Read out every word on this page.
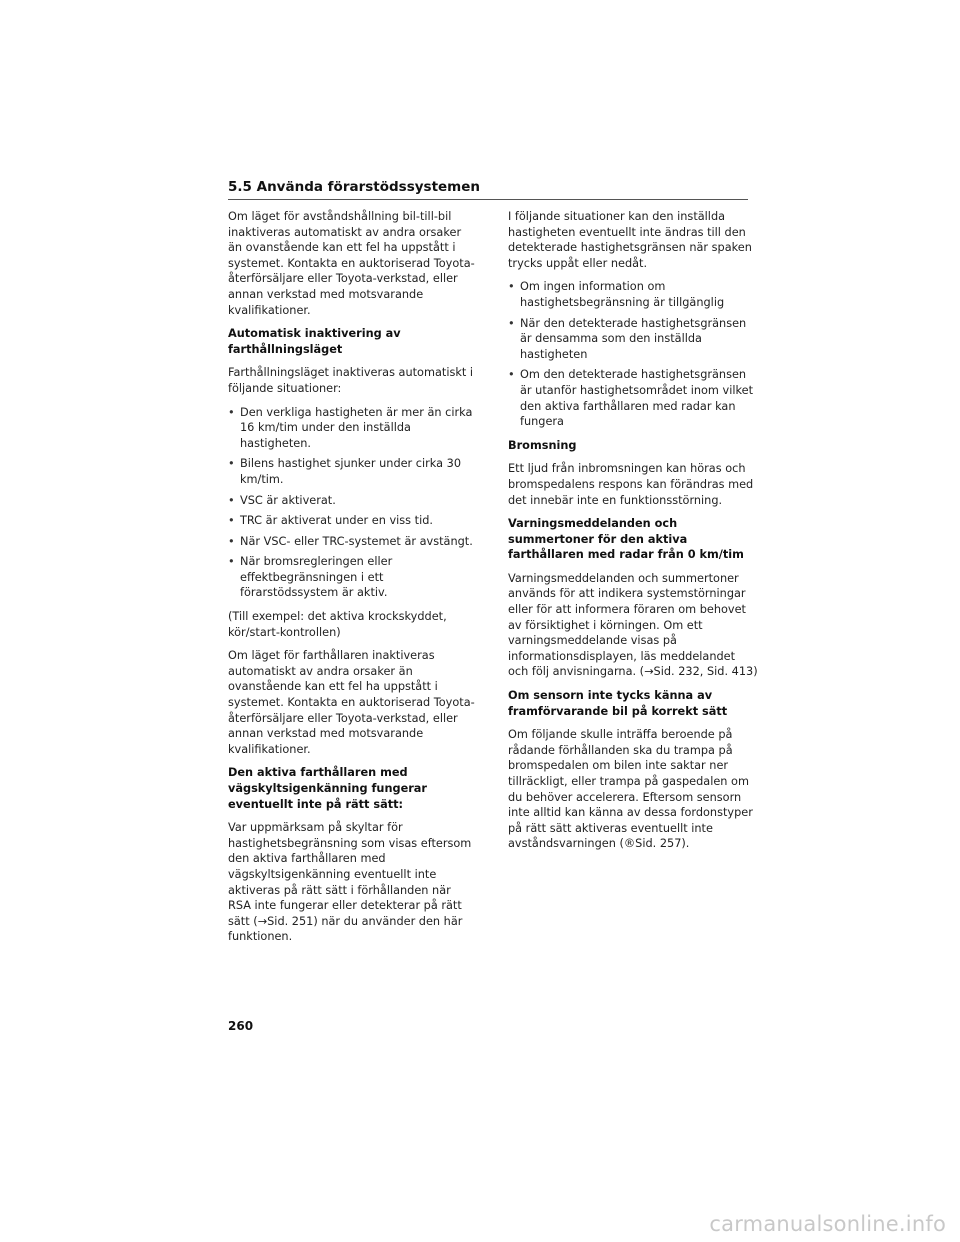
5.5 Använda förarstödssystemen

Om läget för avståndshållning bil-till-bil inaktiveras automatiskt av andra orsaker än ovanstående kan ett fel ha uppstått i systemet. Kontakta en auktoriserad Toyota-återförsäljare eller Toyota-verkstad, eller annan verkstad med motsvarande kvalifikationer.

Automatisk inaktivering av farthållningsläget

Farthållningsläget inaktiveras automatiskt i följande situationer:

• Den verkliga hastigheten är mer än cirka 16 km/tim under den inställda hastigheten.
• Bilens hastighet sjunker under cirka 30 km/tim.
• VSC är aktiverat.
• TRC är aktiverat under en viss tid.
• När VSC- eller TRC-systemet är avstängt.
• När bromsregleringen eller effektbegränsningen i ett förarstödssystem är aktiv.

(Till exempel: det aktiva krockskyddet, kör/start-kontrollen)

Om läget för farthållaren inaktiveras automatiskt av andra orsaker än ovanstående kan ett fel ha uppstått i systemet. Kontakta en auktoriserad Toyota-återförsäljare eller Toyota-verkstad, eller annan verkstad med motsvarande kvalifikationer.

Den aktiva farthållaren med vägskyltsigenkänning fungerar eventuellt inte på rätt sätt:

Var uppmärksam på skyltar för hastighetsbegränsning som visas eftersom den aktiva farthållaren med vägskyltsigenkänning eventuellt inte aktiveras på rätt sätt i förhållanden när RSA inte fungerar eller detekterar på rätt sätt (→Sid. 251) när du använder den här funktionen.

I följande situationer kan den inställda hastigheten eventuellt inte ändras till den detekterade hastighetsgränsen när spaken trycks uppåt eller nedåt.

• Om ingen information om hastighetsbegränsning är tillgänglig
• När den detekterade hastighetsgränsen är densamma som den inställda hastigheten
• Om den detekterade hastighetsgränsen är utanför hastighetsområdet inom vilket den aktiva farthållaren med radar kan fungera
Bromsning

Ett ljud från inbromsningen kan höras och bromspedalens respons kan förändras med det innebär inte en funktionsstörning.

Varningsmeddelanden och summertoner för den aktiva farthållaren med radar från 0 km/tim

Varningsmeddelanden och summertoner används för att indikera systemstörningar eller för att informera föraren om behovet av försiktighet i körningen. Om ett varningsmeddelande visas på informationsdisplayen, läs meddelandet och följ anvisningarna. (→Sid. 232, Sid. 413)

Om sensorn inte tycks känna av framförvarande bil på korrekt sätt

Om följande skulle inträffa beroende på rådande förhållanden ska du trampa på bromspedalen om bilen inte saktar ner tillräckligt, eller trampa på gaspedalen om du behöver accelerera. Eftersom sensorn inte alltid kan känna av dessa fordonstyper på rätt sätt aktiveras eventuellt inte avståndsvarningen (®Sid. 257).

260
carmanualsonline.info
